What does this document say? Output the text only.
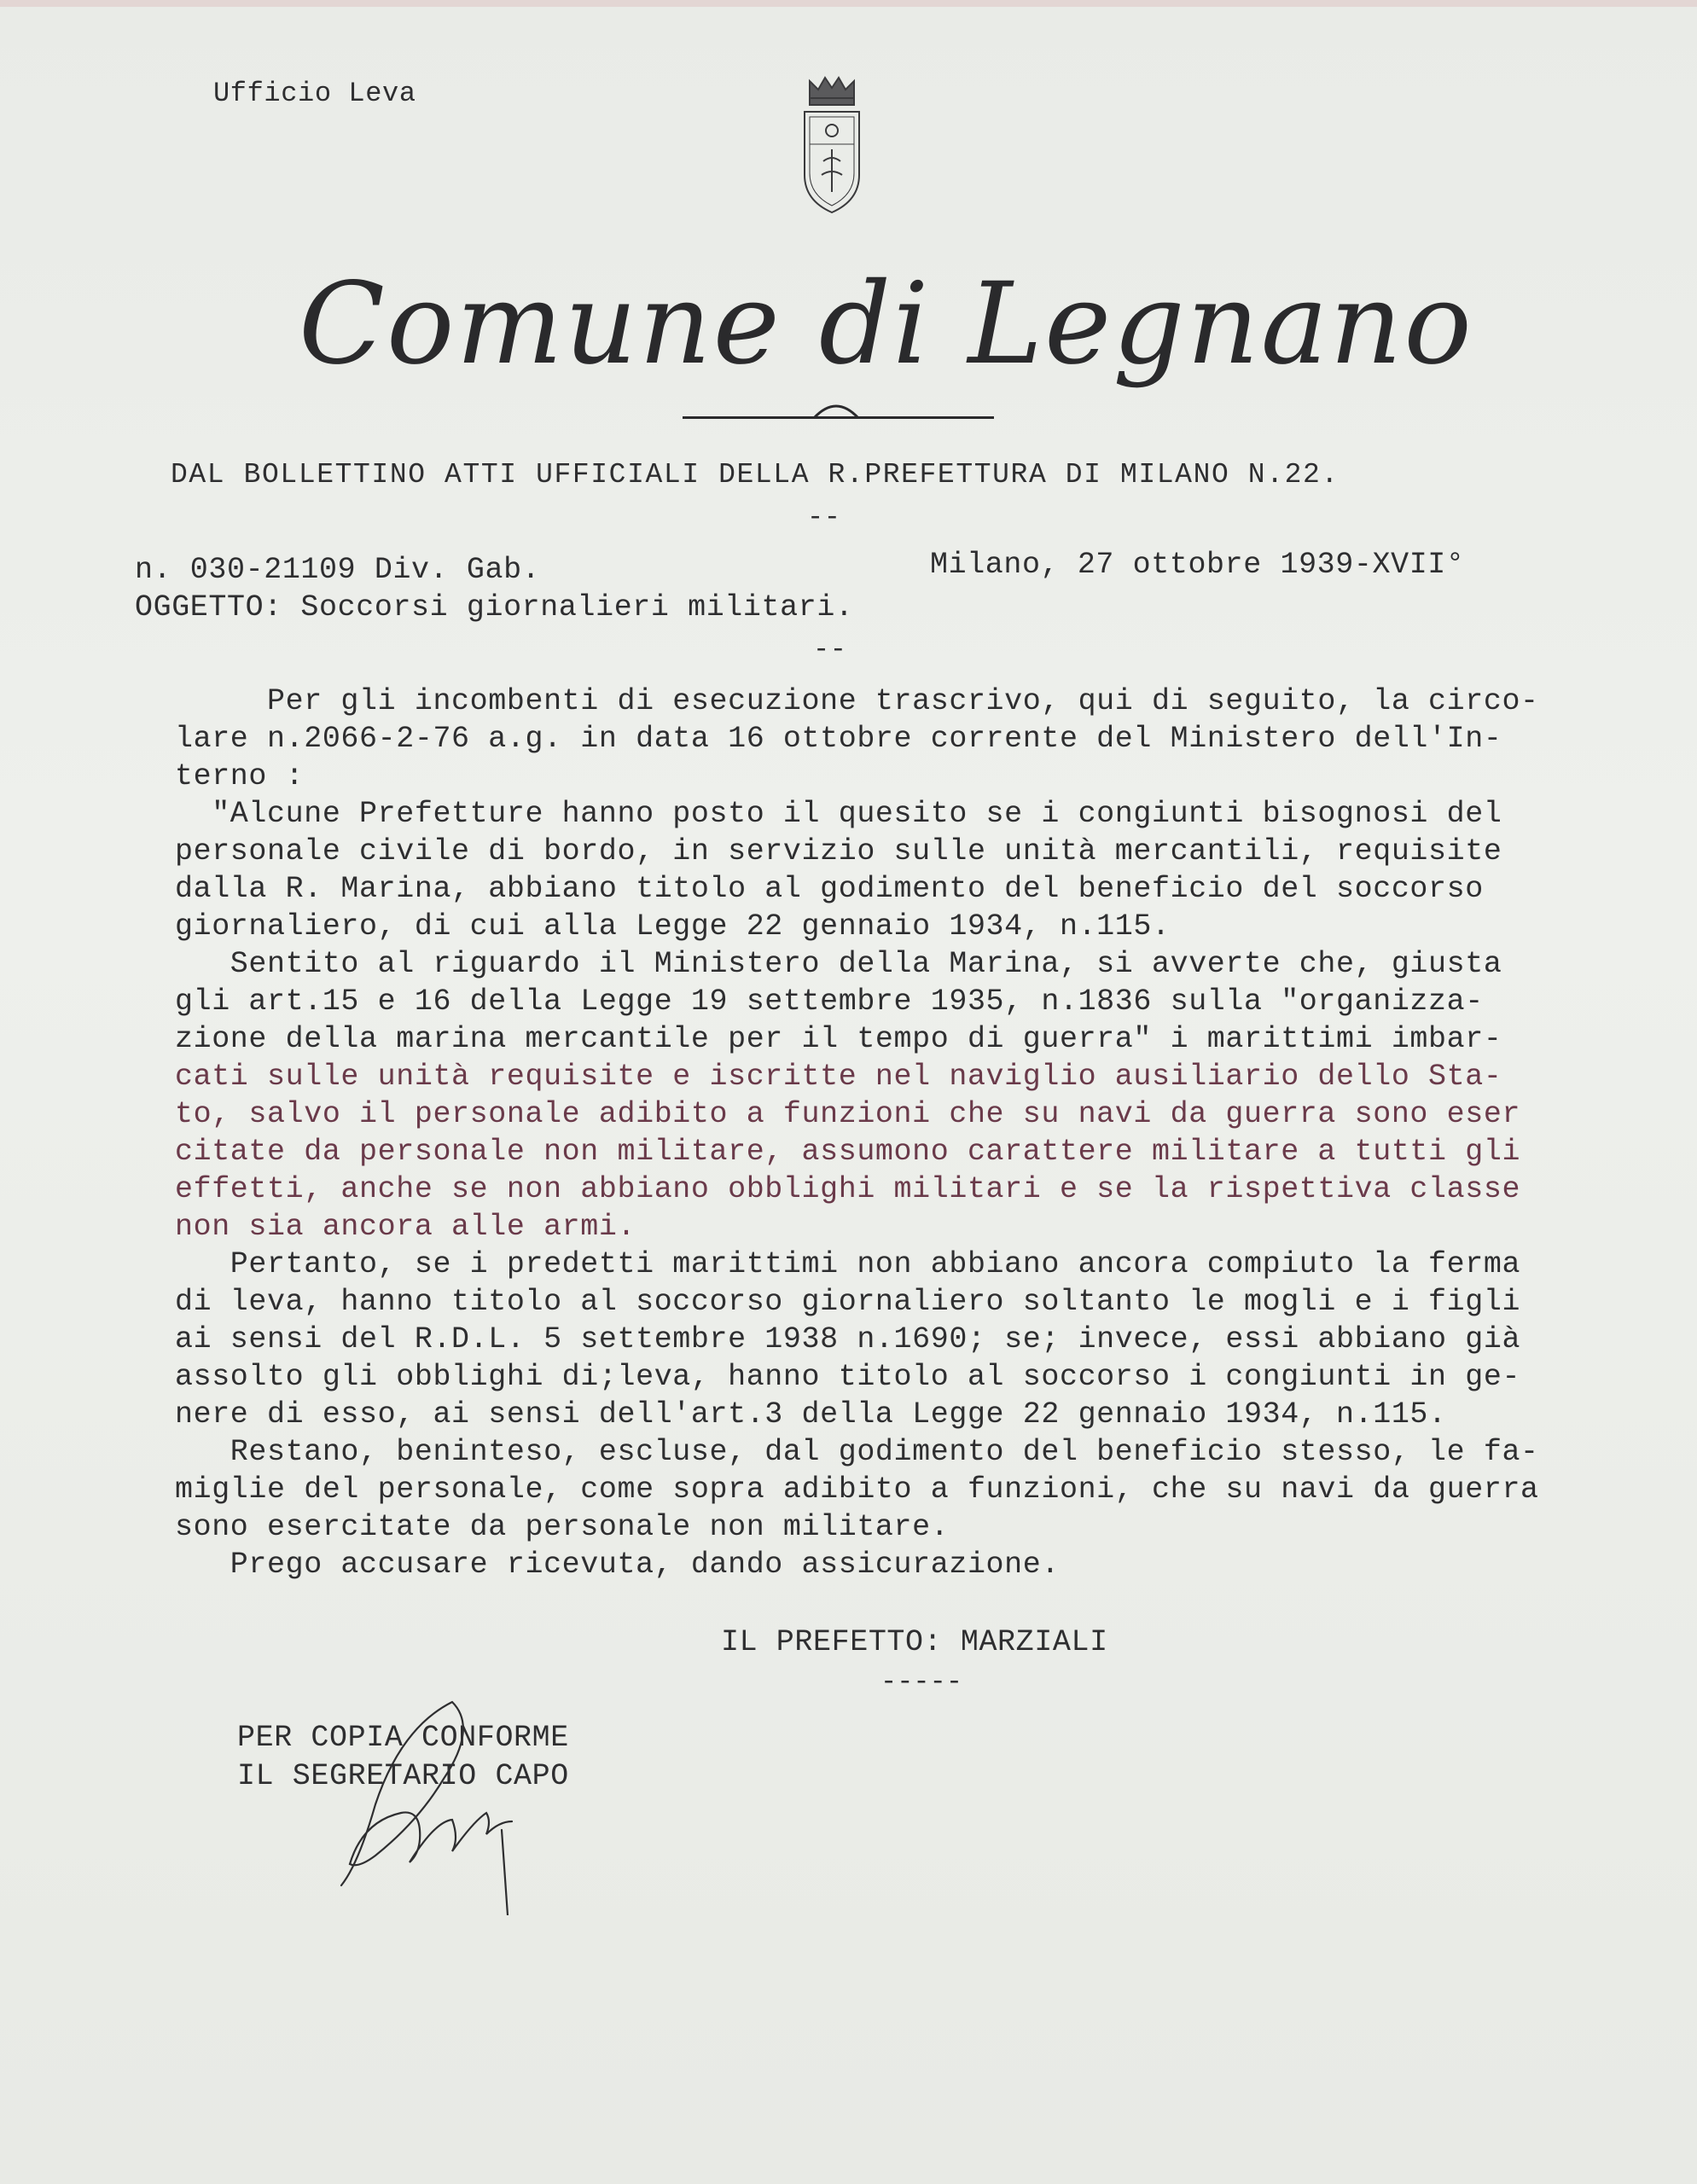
Ufficio Leva
Comune di Legnano
DAL BOLLETTINO ATTI UFFICIALI DELLA R.PREFETTURA DI MILANO N.22.
--
n. 030-21109 Div. Gab.	Milano, 27 ottobre 1939-XVII°
OGGETTO: Soccorsi giornalieri militari.
--
Per gli incombenti di esecuzione trascrivo, qui di seguito, la circo-
lare n.2066-2-76 a.g. in data 16 ottobre corrente del Ministero dell'In-
terno :
"Alcune Prefetture hanno posto il quesito se i congiunti bisognosi del
personale civile di bordo, in servizio sulle unità mercantili, requisite
dalla R. Marina, abbiano titolo al godimento del beneficio del soccorso
giornaliero, di cui alla Legge 22 gennaio 1934, n.115.
Sentito al riguardo il Ministero della Marina, si avverte che, giusta
gli art.15 e 16 della Legge 19 settembre 1935, n.1836 sulla "organizza-
zione della marina mercantile per il tempo di guerra" i marittimi imbar-
cati sulle unità requisite e iscritte nel naviglio ausiliario dello Sta-
to, salvo il personale adibito a funzioni che su navi da guerra sono eser
citate da personale non militare, assumono carattere militare a tutti gli
effetti, anche se non abbiano obblighi militari e se la rispettiva classe
non sia ancora alle armi.
Pertanto, se i predetti marittimi non abbiano ancora compiuto la ferma
di leva, hanno titolo al soccorso giornaliero soltanto le mogli e i figli
ai sensi del R.D.L. 5 settembre 1938 n.1690; se; invece, essi abbiano già
assolto gli obblighi di;leva, hanno titolo al soccorso i congiunti in ge-
nere di esso, ai sensi dell'art.3 della Legge 22 gennaio 1934, n.115.
Restano, beninteso, escluse, dal godimento del beneficio stesso, le fa-
miglie del personale, come sopra adibito a funzioni, che su navi da guerra
sono esercitate da personale non militare.
Prego accusare ricevuta, dando assicurazione.
IL PREFETTO: MARZIALI
-----
PER COPIA CONFORME
IL SEGRETARIO CAPO
